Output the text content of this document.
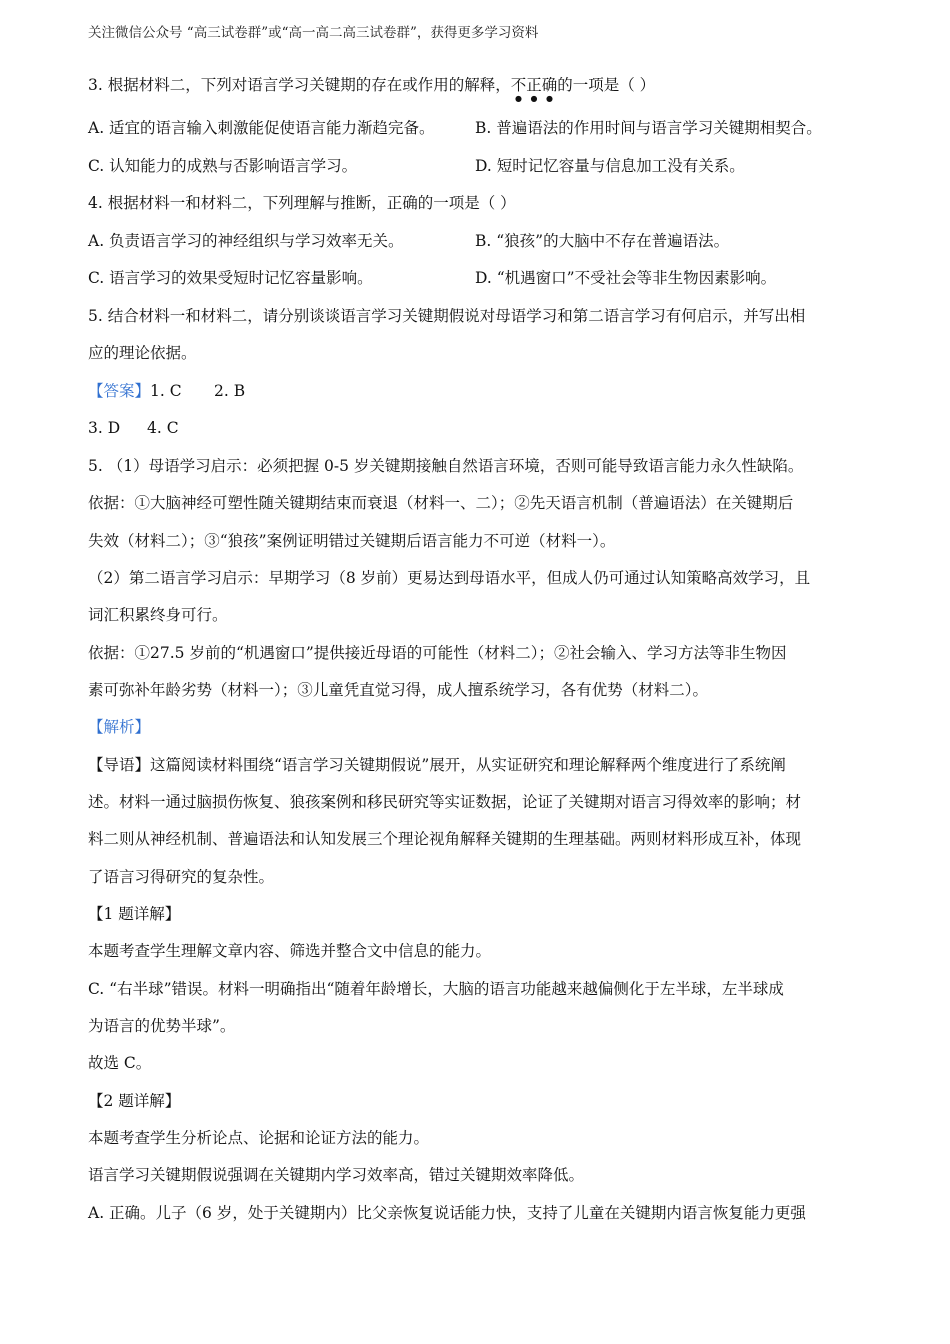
关注微信公众号 “高三试卷群”或“高一高二高三试卷群”，获得更多学习资料
3. 根据材料二，下列对语言学习关键期的存在或作用的解释，不正确的一项是（ ）
A. 适宜的语言输入刺激能促使语言能力渐趋完备。	B. 普遍语法的作用时间与语言学习关键期相契合。
C. 认知能力的成熟与否影响语言学习。	D. 短时记忆容量与信息加工没有关系。
4. 根据材料一和材料二，下列理解与推断，正确的一项是（ ）
A. 负责语言学习的神经组织与学习效率无关。	B. “狼孩”的大脑中不存在普遍语法。
C. 语言学习的效果受短时记忆容量影响。	D. “机遇窗口”不受社会等非生物因素影响。
5. 结合材料一和材料二，请分别谈谈语言学习关键期假说对母语学习和第二语言学习有何启示，并写出相
应的理论依据。
【答案】1. C 2. B
3. D 4. C
5. （1）母语学习启示：必须把握 0-5 岁关键期接触自然语言环境，否则可能导致语言能力永久性缺陷。
依据：①大脑神经可塑性随关键期结束而衰退（材料一、二）；②先天语言机制（普遍语法）在关键期后
失效（材料二）；③“狼孩”案例证明错过关键期后语言能力不可逆（材料一）。
（2）第二语言学习启示：早期学习（8 岁前）更易达到母语水平，但成人仍可通过认知策略高效学习，且
词汇积累终身可行。
依据：①27.5 岁前的“机遇窗口”提供接近母语的可能性（材料二）；②社会输入、学习方法等非生物因
素可弥补年龄劣势（材料一）；③儿童凭直觉习得，成人擅系统学习，各有优势（材料二）。
【解析】
【导语】这篇阅读材料围绕“语言学习关键期假说”展开，从实证研究和理论解释两个维度进行了系统阐
述。材料一通过脑损伤恢复、狼孩案例和移民研究等实证数据，论证了关键期对语言习得效率的影响；材
料二则从神经机制、普遍语法和认知发展三个理论视角解释关键期的生理基础。两则材料形成互补，体现
了语言习得研究的复杂性。
【1 题详解】
本题考查学生理解文章内容、筛选并整合文中信息的能力。
C. “右半球”错误。材料一明确指出“随着年龄增长，大脑的语言功能越来越偏侧化于左半球，左半球成
为语言的优势半球”。
故选 C。
【2 题详解】
本题考查学生分析论点、论据和论证方法的能力。
语言学习关键期假说强调在关键期内学习效率高，错过关键期效率降低。
A. 正确。儿子（6 岁，处于关键期内）比父亲恢复说话能力快，支持了儿童在关键期内语言恢复能力更强
